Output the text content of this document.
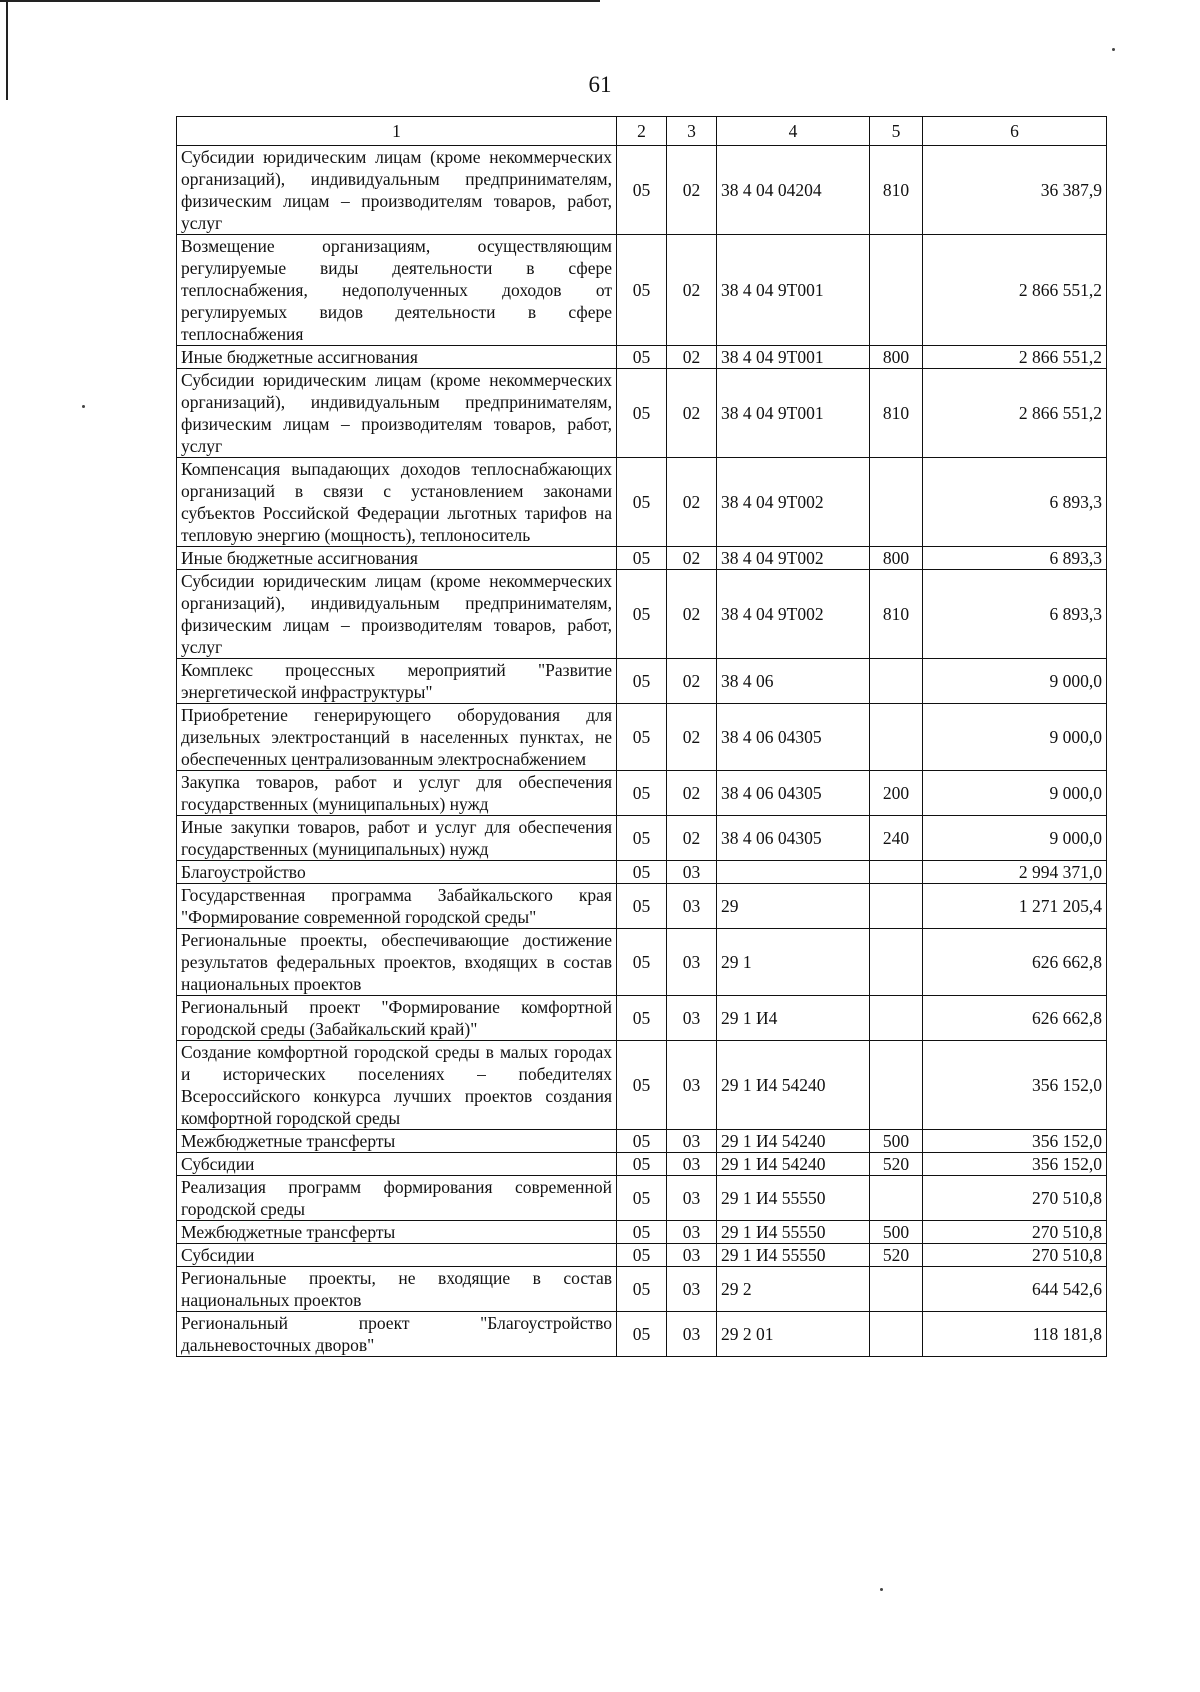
61
1	2	3	4	5	6
Субсидии юридическим лицам (кроме некоммерческих организаций), индивидуальным предпринимателям, физическим лицам – производителям товаров, работ, услуг	05	02	38 4 04 04204	810	36 387,9
Возмещение организациям, осуществляющим регулируемые виды деятельности в сфере теплоснабжения, недополученных доходов от регулируемых видов деятельности в сфере теплоснабжения	05	02	38 4 04 9Т001		2 866 551,2
Иные бюджетные ассигнования	05	02	38 4 04 9Т001	800	2 866 551,2
Субсидии юридическим лицам (кроме некоммерческих организаций), индивидуальным предпринимателям, физическим лицам – производителям товаров, работ, услуг	05	02	38 4 04 9Т001	810	2 866 551,2
Компенсация выпадающих доходов теплоснабжающих организаций в связи с установлением законами субъектов Российской Федерации льготных тарифов на тепловую энергию (мощность), теплоноситель	05	02	38 4 04 9Т002		6 893,3
Иные бюджетные ассигнования	05	02	38 4 04 9Т002	800	6 893,3
Субсидии юридическим лицам (кроме некоммерческих организаций), индивидуальным предпринимателям, физическим лицам – производителям товаров, работ, услуг	05	02	38 4 04 9Т002	810	6 893,3
Комплекс процессных мероприятий "Развитие энергетической инфраструктуры"	05	02	38 4 06		9 000,0
Приобретение генерирующего оборудования для дизельных электростанций в населенных пунктах, не обеспеченных централизованным электроснабжением	05	02	38 4 06 04305		9 000,0
Закупка товаров, работ и услуг для обеспечения государственных (муниципальных) нужд	05	02	38 4 06 04305	200	9 000,0
Иные закупки товаров, работ и услуг для обеспечения государственных (муниципальных) нужд	05	02	38 4 06 04305	240	9 000,0
Благоустройство	05	03			2 994 371,0
Государственная программа Забайкальского края "Формирование современной городской среды"	05	03	29		1 271 205,4
Региональные проекты, обеспечивающие достижение результатов федеральных проектов, входящих в состав национальных проектов	05	03	29 1		626 662,8
Региональный проект "Формирование комфортной городской среды (Забайкальский край)"	05	03	29 1 И4		626 662,8
Создание комфортной городской среды в малых городах и исторических поселениях – победителях Всероссийского конкурса лучших проектов создания комфортной городской среды	05	03	29 1 И4 54240		356 152,0
Межбюджетные трансферты	05	03	29 1 И4 54240	500	356 152,0
Субсидии	05	03	29 1 И4 54240	520	356 152,0
Реализация программ формирования современной городской среды	05	03	29 1 И4 55550		270 510,8
Межбюджетные трансферты	05	03	29 1 И4 55550	500	270 510,8
Субсидии	05	03	29 1 И4 55550	520	270 510,8
Региональные проекты, не входящие в состав национальных проектов	05	03	29 2		644 542,6
Региональный проект "Благоустройство дальневосточных дворов"	05	03	29 2 01		118 181,8
